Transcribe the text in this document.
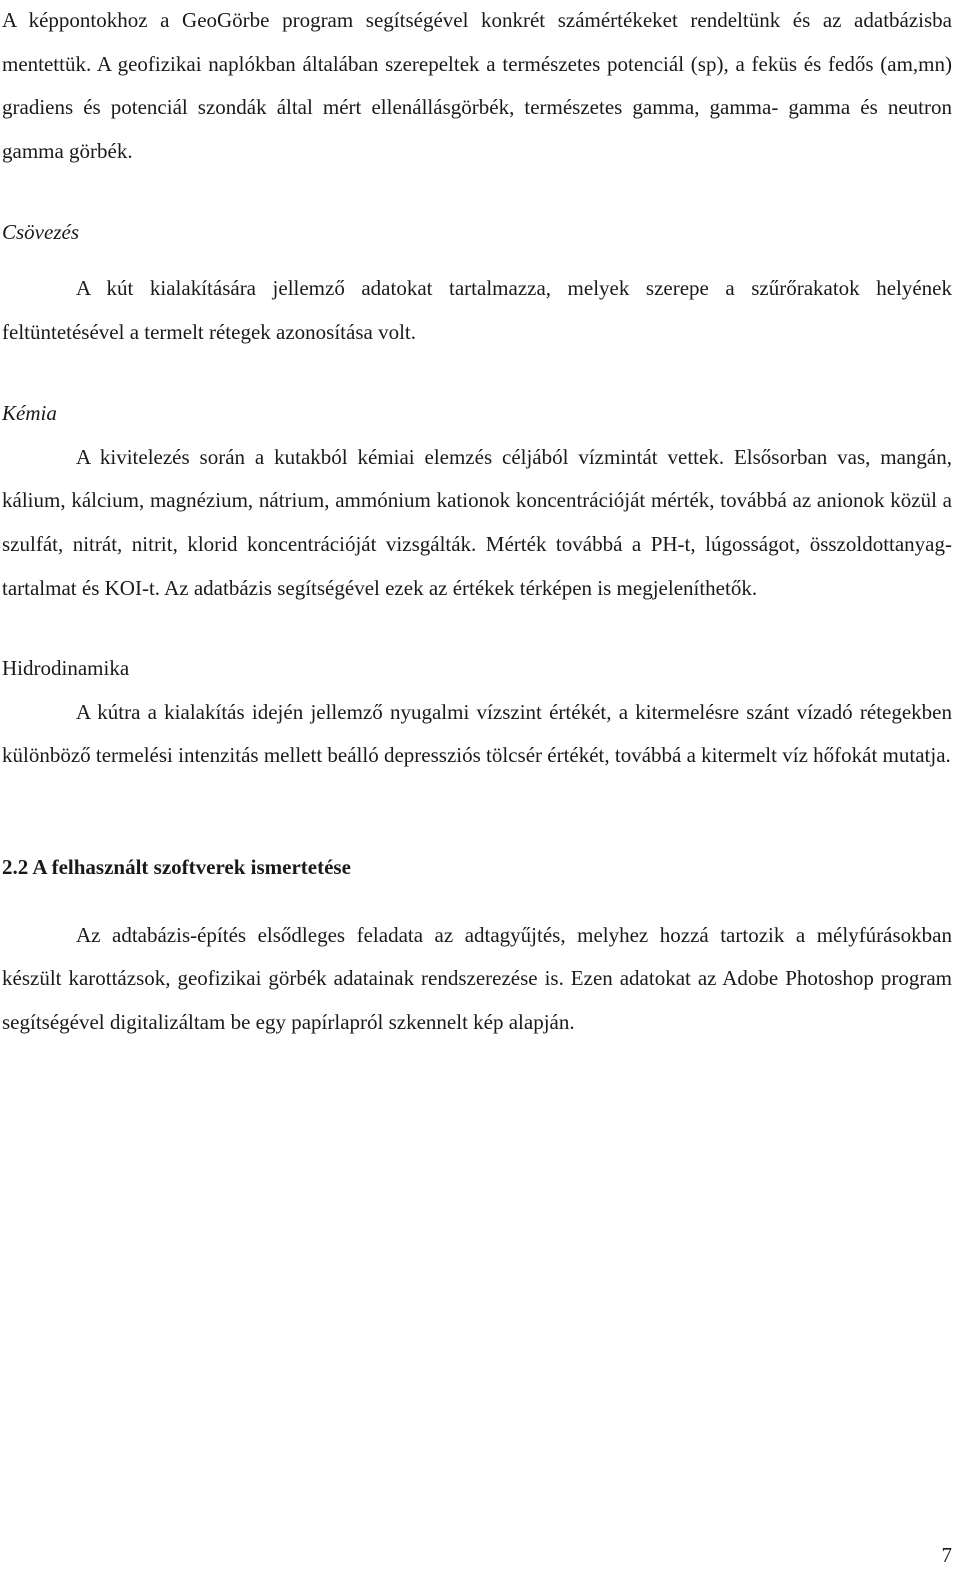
A képpontokhoz a GeoGörbe program segítségével konkrét számértékeket rendeltünk és az adatbázisba mentettük. A geofizikai naplókban általában szerepeltek a természetes potenciál (sp), a feküs és fedős (am,mn) gradiens és potenciál szondák által mért ellenállásgörbék, természetes gamma, gamma- gamma és neutron gamma görbék.

Csövezés

A kút kialakítására jellemző adatokat tartalmazza, melyek szerepe a szűrőrakatok helyének feltüntetésével a termelt rétegek azonosítása volt.

Kémia

A kivitelezés során a kutakból kémiai elemzés céljából vízmintát vettek. Elsősorban vas, mangán, kálium, kálcium, magnézium, nátrium, ammónium kationok koncentrációját mérték, továbbá az anionok közül a szulfát, nitrát, nitrit, klorid koncentrációját vizsgálták. Mérték továbbá a PH-t, lúgosságot, összoldottanyag- tartalmat és KOI-t. Az adatbázis segítségével ezek az értékek térképen is megjeleníthetők.

Hidrodinamika

A kútra a kialakítás idején jellemző nyugalmi vízszint értékét, a kitermelésre szánt vízadó rétegekben különböző termelési intenzitás mellett beálló depressziós tölcsér értékét, továbbá a kitermelt víz hőfokát mutatja.

2.2 A felhasznált szoftverek ismertetése

Az adtabázis-építés elsődleges feladata az adtagyűjtés, melyhez hozzá tartozik a mélyfúrásokban készült karottázsok, geofizikai görbék adatainak rendszerezése is. Ezen adatokat az Adobe Photoshop program segítségével digitalizáltam be egy papírlapról szkennelt kép alapján.

7
